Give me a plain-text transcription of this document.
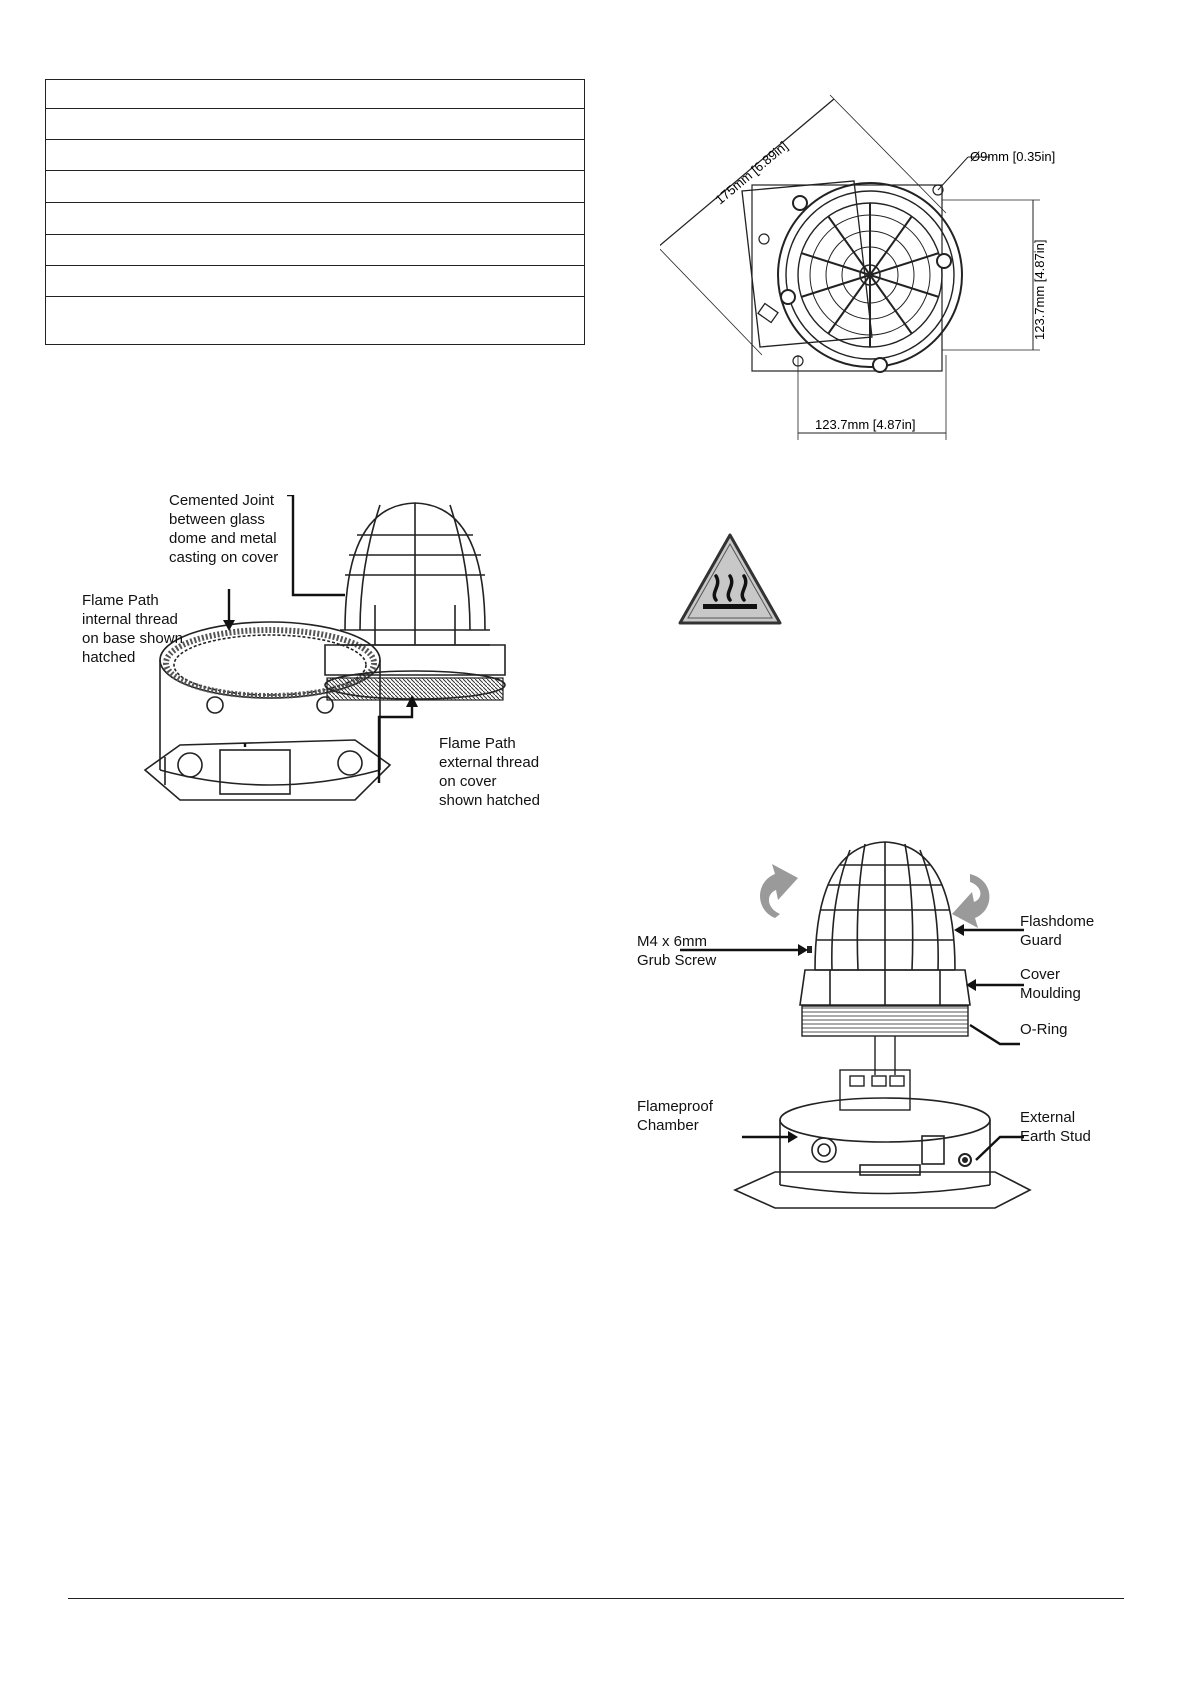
175mm [6.89in]	Ø9mm [0.35in]
123.7mm [4.87in]
123.7mm [4.87in]
Cemented Joint
between glass
dome and metal
casting on cover
Flame Path
internal thread
on base shown
hatched
Flame Path
external thread
on cover
shown hatched
M4 x 6mm
Grub Screw
Flashdome
Guard
Cover
Moulding
O-Ring
Flameproof
Chamber	External
Earth Stud
